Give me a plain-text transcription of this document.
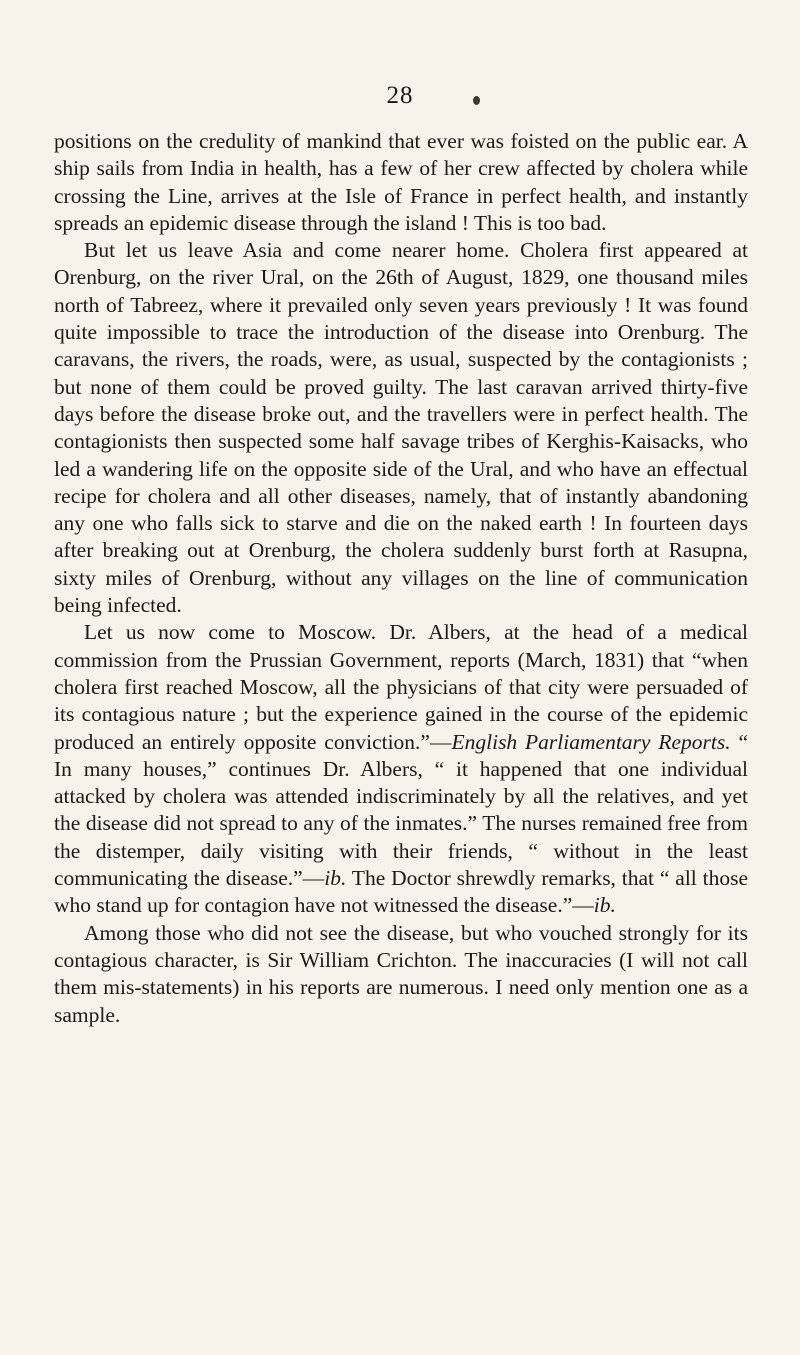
28

positions on the credulity of mankind that ever was foisted on the public ear. A ship sails from India in health, has a few of her crew affected by cholera while crossing the Line, arrives at the Isle of France in perfect health, and instantly spreads an epidemic disease through the island ! This is too bad.

But let us leave Asia and come nearer home. Cholera first appeared at Orenburg, on the river Ural, on the 26th of August, 1829, one thousand miles north of Tabreez, where it prevailed only seven years previously ! It was found quite impossible to trace the introduction of the disease into Orenburg. The caravans, the rivers, the roads, were, as usual, suspected by the contagionists ; but none of them could be proved guilty. The last caravan arrived thirty-five days before the disease broke out, and the travellers were in perfect health. The contagionists then suspected some half savage tribes of Kerghis-Kaisacks, who led a wandering life on the opposite side of the Ural, and who have an effectual recipe for cholera and all other diseases, namely, that of instantly abandoning any one who falls sick to starve and die on the naked earth ! In fourteen days after breaking out at Orenburg, the cholera suddenly burst forth at Rasupna, sixty miles of Orenburg, without any villages on the line of communication being infected.

Let us now come to Moscow. Dr. Albers, at the head of a medical commission from the Prussian Government, reports (March, 1831) that “when cholera first reached Moscow, all the physicians of that city were persuaded of its contagious nature ; but the experience gained in the course of the epidemic produced an entirely opposite conviction.”—English Parliamentary Reports. “ In many houses,” continues Dr. Albers, “ it happened that one individual attacked by cholera was attended indiscriminately by all the relatives, and yet the disease did not spread to any of the inmates.” The nurses remained free from the distemper, daily visiting with their friends, “ without in the least communicating the disease.”—ib. The Doctor shrewdly remarks, that “ all those who stand up for contagion have not witnessed the disease.”—ib.

Among those who did not see the disease, but who vouched strongly for its contagious character, is Sir William Crichton. The inaccuracies (I will not call them mis-statements) in his reports are numerous. I need only mention one as a sample.
